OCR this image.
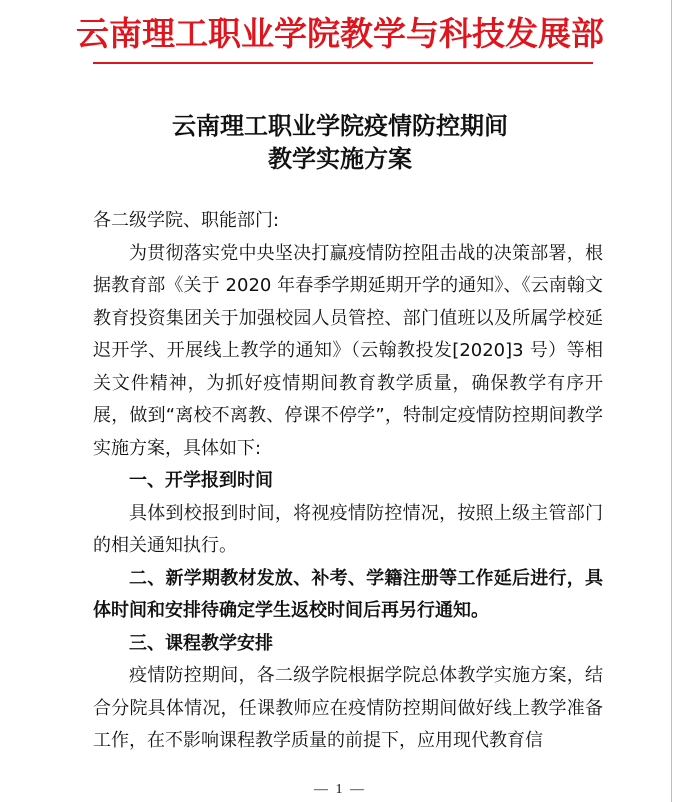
云南理工职业学院教学与科技发展部
云南理工职业学院疫情防控期间
教学实施方案

各二级学院、职能部门:

为贯彻落实党中央坚决打赢疫情防控阻击战的决策部署，根据教育部《关于 2020 年春季学期延期开学的通知》、《云南翰文教育投资集团关于加强校园人员管控、部门值班以及所属学校延迟开学、开展线上教学的通知》（云翰教投发[2020]3 号）等相关文件精神，为抓好疫情期间教育教学质量，确保教学有序开展，做到“离校不离教、停课不停学”，特制定疫情防控期间教学实施方案，具体如下:

一、开学报到时间

具体到校报到时间，将视疫情防控情况，按照上级主管部门的相关通知执行。

二、新学期教材发放、补考、学籍注册等工作延后进行，具体时间和安排待确定学生返校时间后再另行通知。

三、课程教学安排

疫情防控期间，各二级学院根据学院总体教学实施方案，结合分院具体情况，任课教师应在疫情防控期间做好线上教学准备工作，在不影响课程教学质量的前提下，应用现代教育信

— 1 —
